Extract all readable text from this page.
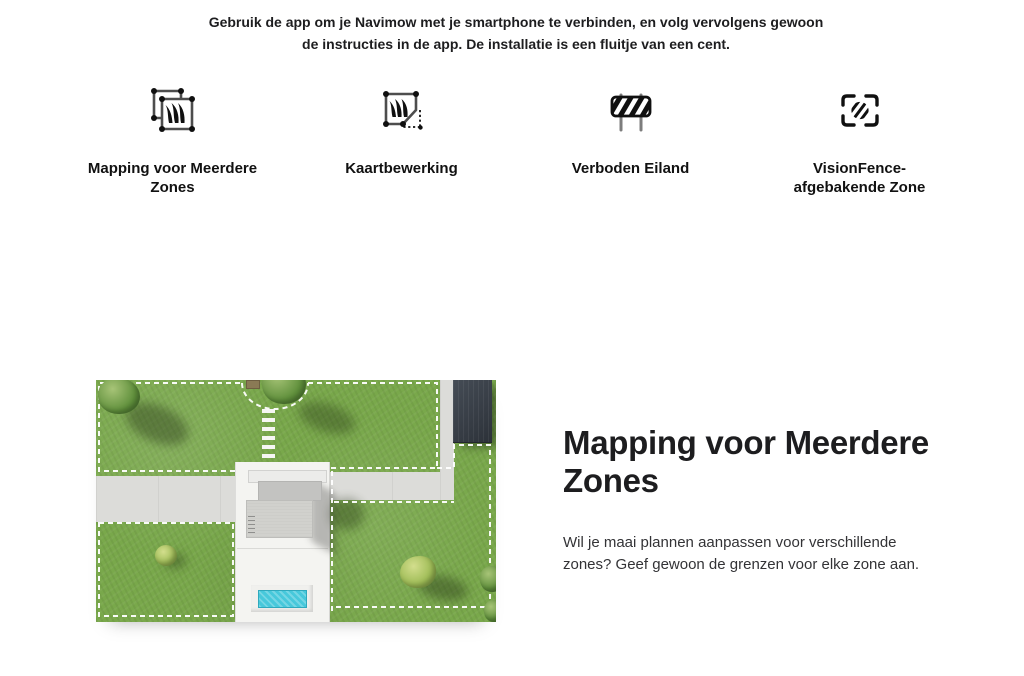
Gebruik de app om je Navimow met je smartphone te verbinden, en volg vervolgens gewoon de instructies in de app. De installatie is een fluitje van een cent.

Mapping voor Meerdere Zones
Kaartbewerking	Verboden Eiland	VisionFence-afgebakende Zone
Mapping voor Meerdere Zones

Wil je maai plannen aanpassen voor verschillende zones? Geef gewoon de grenzen voor elke zone aan.
